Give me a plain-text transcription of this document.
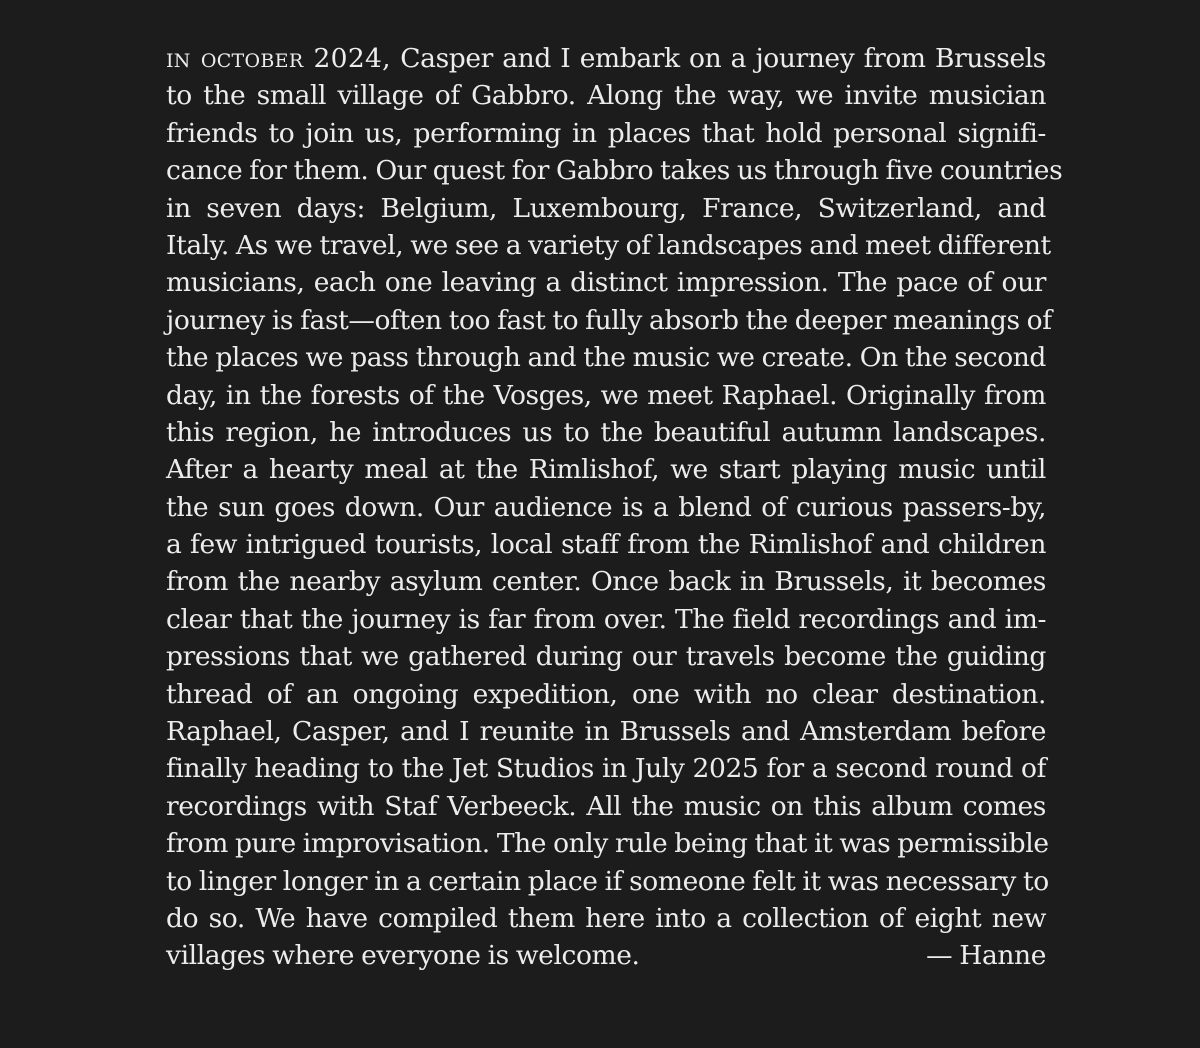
in october 2024, Casper and I embark on a journey from Brussels
to the small village of Gabbro. Along the way, we invite musician
friends to join us, performing in places that hold personal signifi-
cance for them. Our quest for Gabbro takes us through five countries
in seven days: Belgium, Luxembourg, France, Switzerland, and
Italy. As we travel, we see a variety of landscapes and meet different
musicians, each one leaving a distinct impression. The pace of our
journey is fast—often too fast to fully absorb the deeper meanings of
the places we pass through and the music we create. On the second
day, in the forests of the Vosges, we meet Raphael. Originally from
this region, he introduces us to the beautiful autumn landscapes.
After a hearty meal at the Rimlishof, we start playing music until
the sun goes down. Our audience is a blend of curious passers-by,
a few intrigued tourists, local staff from the Rimlishof and children
from the nearby asylum center. Once back in Brussels, it becomes
clear that the journey is far from over. The field recordings and im-
pressions that we gathered during our travels become the guiding
thread of an ongoing expedition, one with no clear destination.
Raphael, Casper, and I reunite in Brussels and Amsterdam before
finally heading to the Jet Studios in July 2025 for a second round of
recordings with Staf Verbeeck. All the music on this album comes
from pure improvisation. The only rule being that it was permissible
to linger longer in a certain place if someone felt it was necessary to
do so. We have compiled them here into a collection of eight new
villages where everyone is welcome.	— Hanne
